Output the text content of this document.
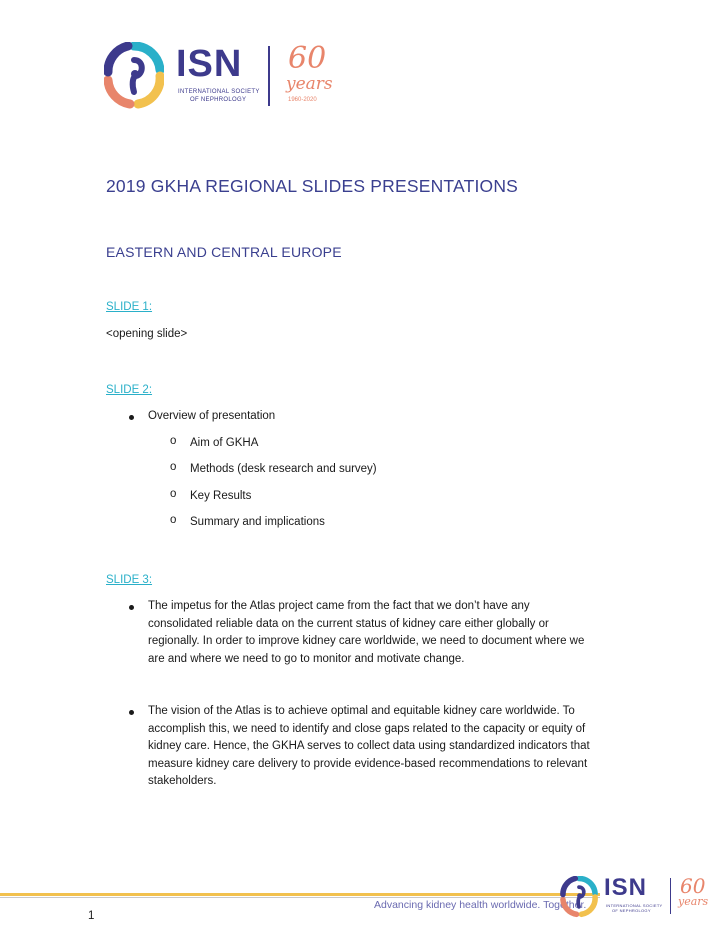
ISN
INTERNATIONAL SOCIETY
OF NEPHROLOGY
60
years
1960-2020
2019 GKHA REGIONAL SLIDES PRESENTATIONS
EASTERN AND CENTRAL EUROPE
SLIDE 1:
<opening slide>
SLIDE 2:
Overview of presentation
o Aim of GKHA
o Methods (desk research and survey)
o Key Results
o Summary and implications
SLIDE 3:
The impetus for the Atlas project came from the fact that we don’t have any
consolidated reliable data on the current status of kidney care either globally or
regionally. In order to improve kidney care worldwide, we need to document where we
are and where we need to go to monitor and motivate change.
The vision of the Atlas is to achieve optimal and equitable kidney care worldwide. To
accomplish this, we need to identify and close gaps related to the capacity or equity of
kidney care. Hence, the GKHA serves to collect data using standardized indicators that
measure kidney care delivery to provide evidence-based recommendations to relevant
stakeholders.
Advancing kidney health worldwide. Together.
1
ISN
INTERNATIONAL SOCIETY
OF NEPHROLOGY
60
years
